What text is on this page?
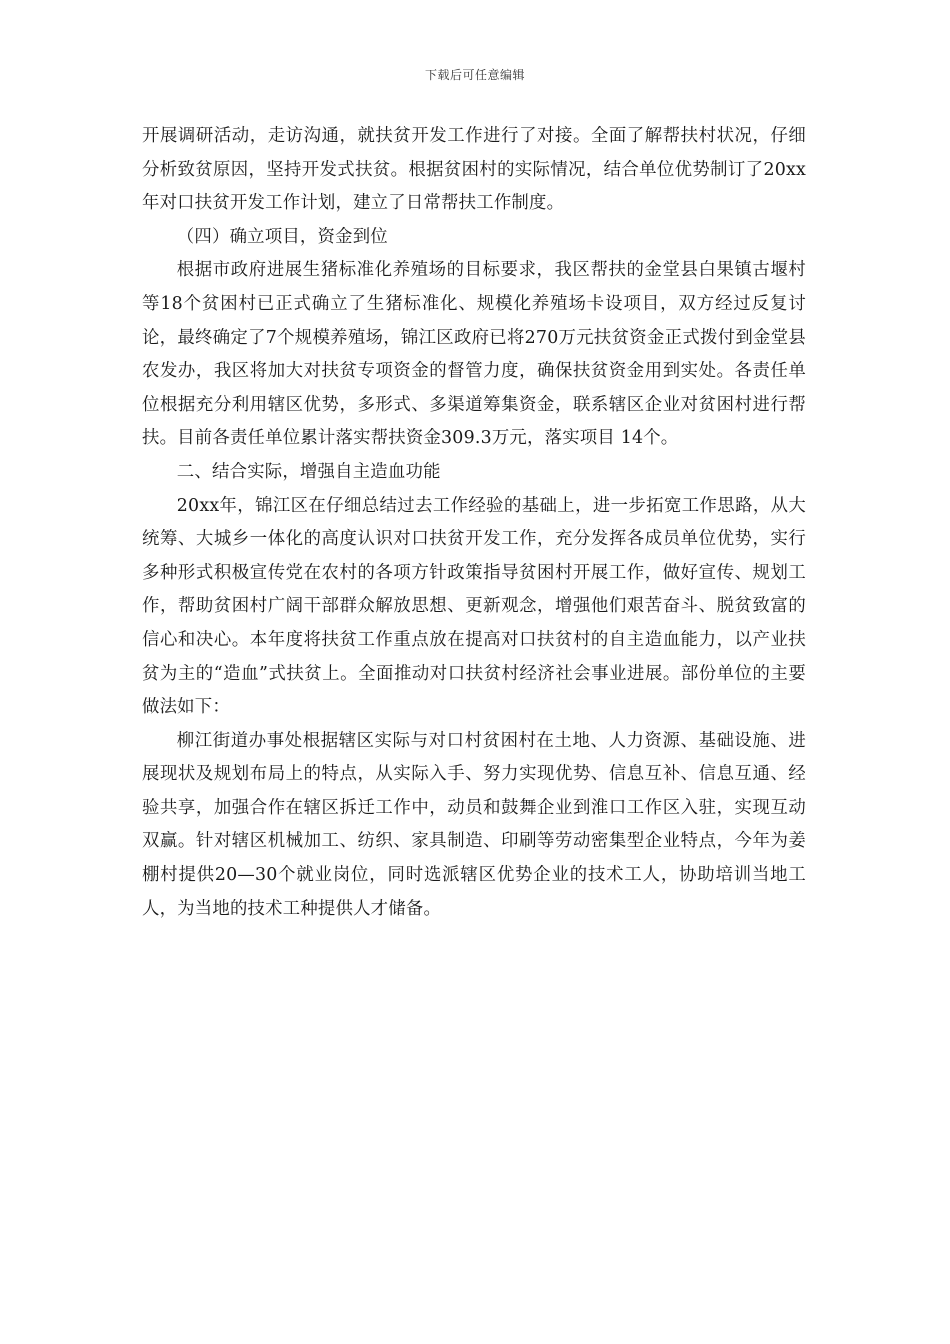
下载后可任意编辑

开展调研活动，走访沟通，就扶贫开发工作进行了对接。全面了解帮扶村状况，仔细分析致贫原因，坚持开发式扶贫。根据贫困村的实际情况，结合单位优势制订了20xx年对口扶贫开发工作计划，建立了日常帮扶工作制度。

（四）确立项目，资金到位

根据市政府进展生猪标准化养殖场的目标要求，我区帮扶的金堂县白果镇古堰村等18个贫困村已正式确立了生猪标准化、规模化养殖场卡设项目，双方经过反复讨论，最终确定了7个规模养殖场，锦江区政府已将270万元扶贫资金正式拨付到金堂县农发办，我区将加大对扶贫专项资金的督管力度，确保扶贫资金用到实处。各责任单位根据充分利用辖区优势，多形式、多渠道筹集资金，联系辖区企业对贫困村进行帮扶。目前各责任单位累计落实帮扶资金309.3万元，落实项目 14个。

二、结合实际，增强自主造血功能

20xx年，锦江区在仔细总结过去工作经验的基础上，进一步拓宽工作思路，从大统筹、大城乡一体化的高度认识对口扶贫开发工作，充分发挥各成员单位优势，实行多种形式积极宣传党在农村的各项方针政策指导贫困村开展工作，做好宣传、规划工作，帮助贫困村广阔干部群众解放思想、更新观念，增强他们艰苦奋斗、脱贫致富的信心和决心。本年度将扶贫工作重点放在提高对口扶贫村的自主造血能力，以产业扶贫为主的“造血”式扶贫上。全面推动对口扶贫村经济社会事业进展。部份单位的主要做法如下：

柳江街道办事处根据辖区实际与对口村贫困村在土地、人力资源、基础设施、进展现状及规划布局上的特点，从实际入手、努力实现优势、信息互补、信息互通、经验共享，加强合作在辖区拆迁工作中，动员和鼓舞企业到淮口工作区入驻，实现互动双赢。针对辖区机械加工、纺织、家具制造、印刷等劳动密集型企业特点，今年为姜棚村提供20—30个就业岗位，同时选派辖区优势企业的技术工人，协助培训当地工人，为当地的技术工种提供人才储备。
